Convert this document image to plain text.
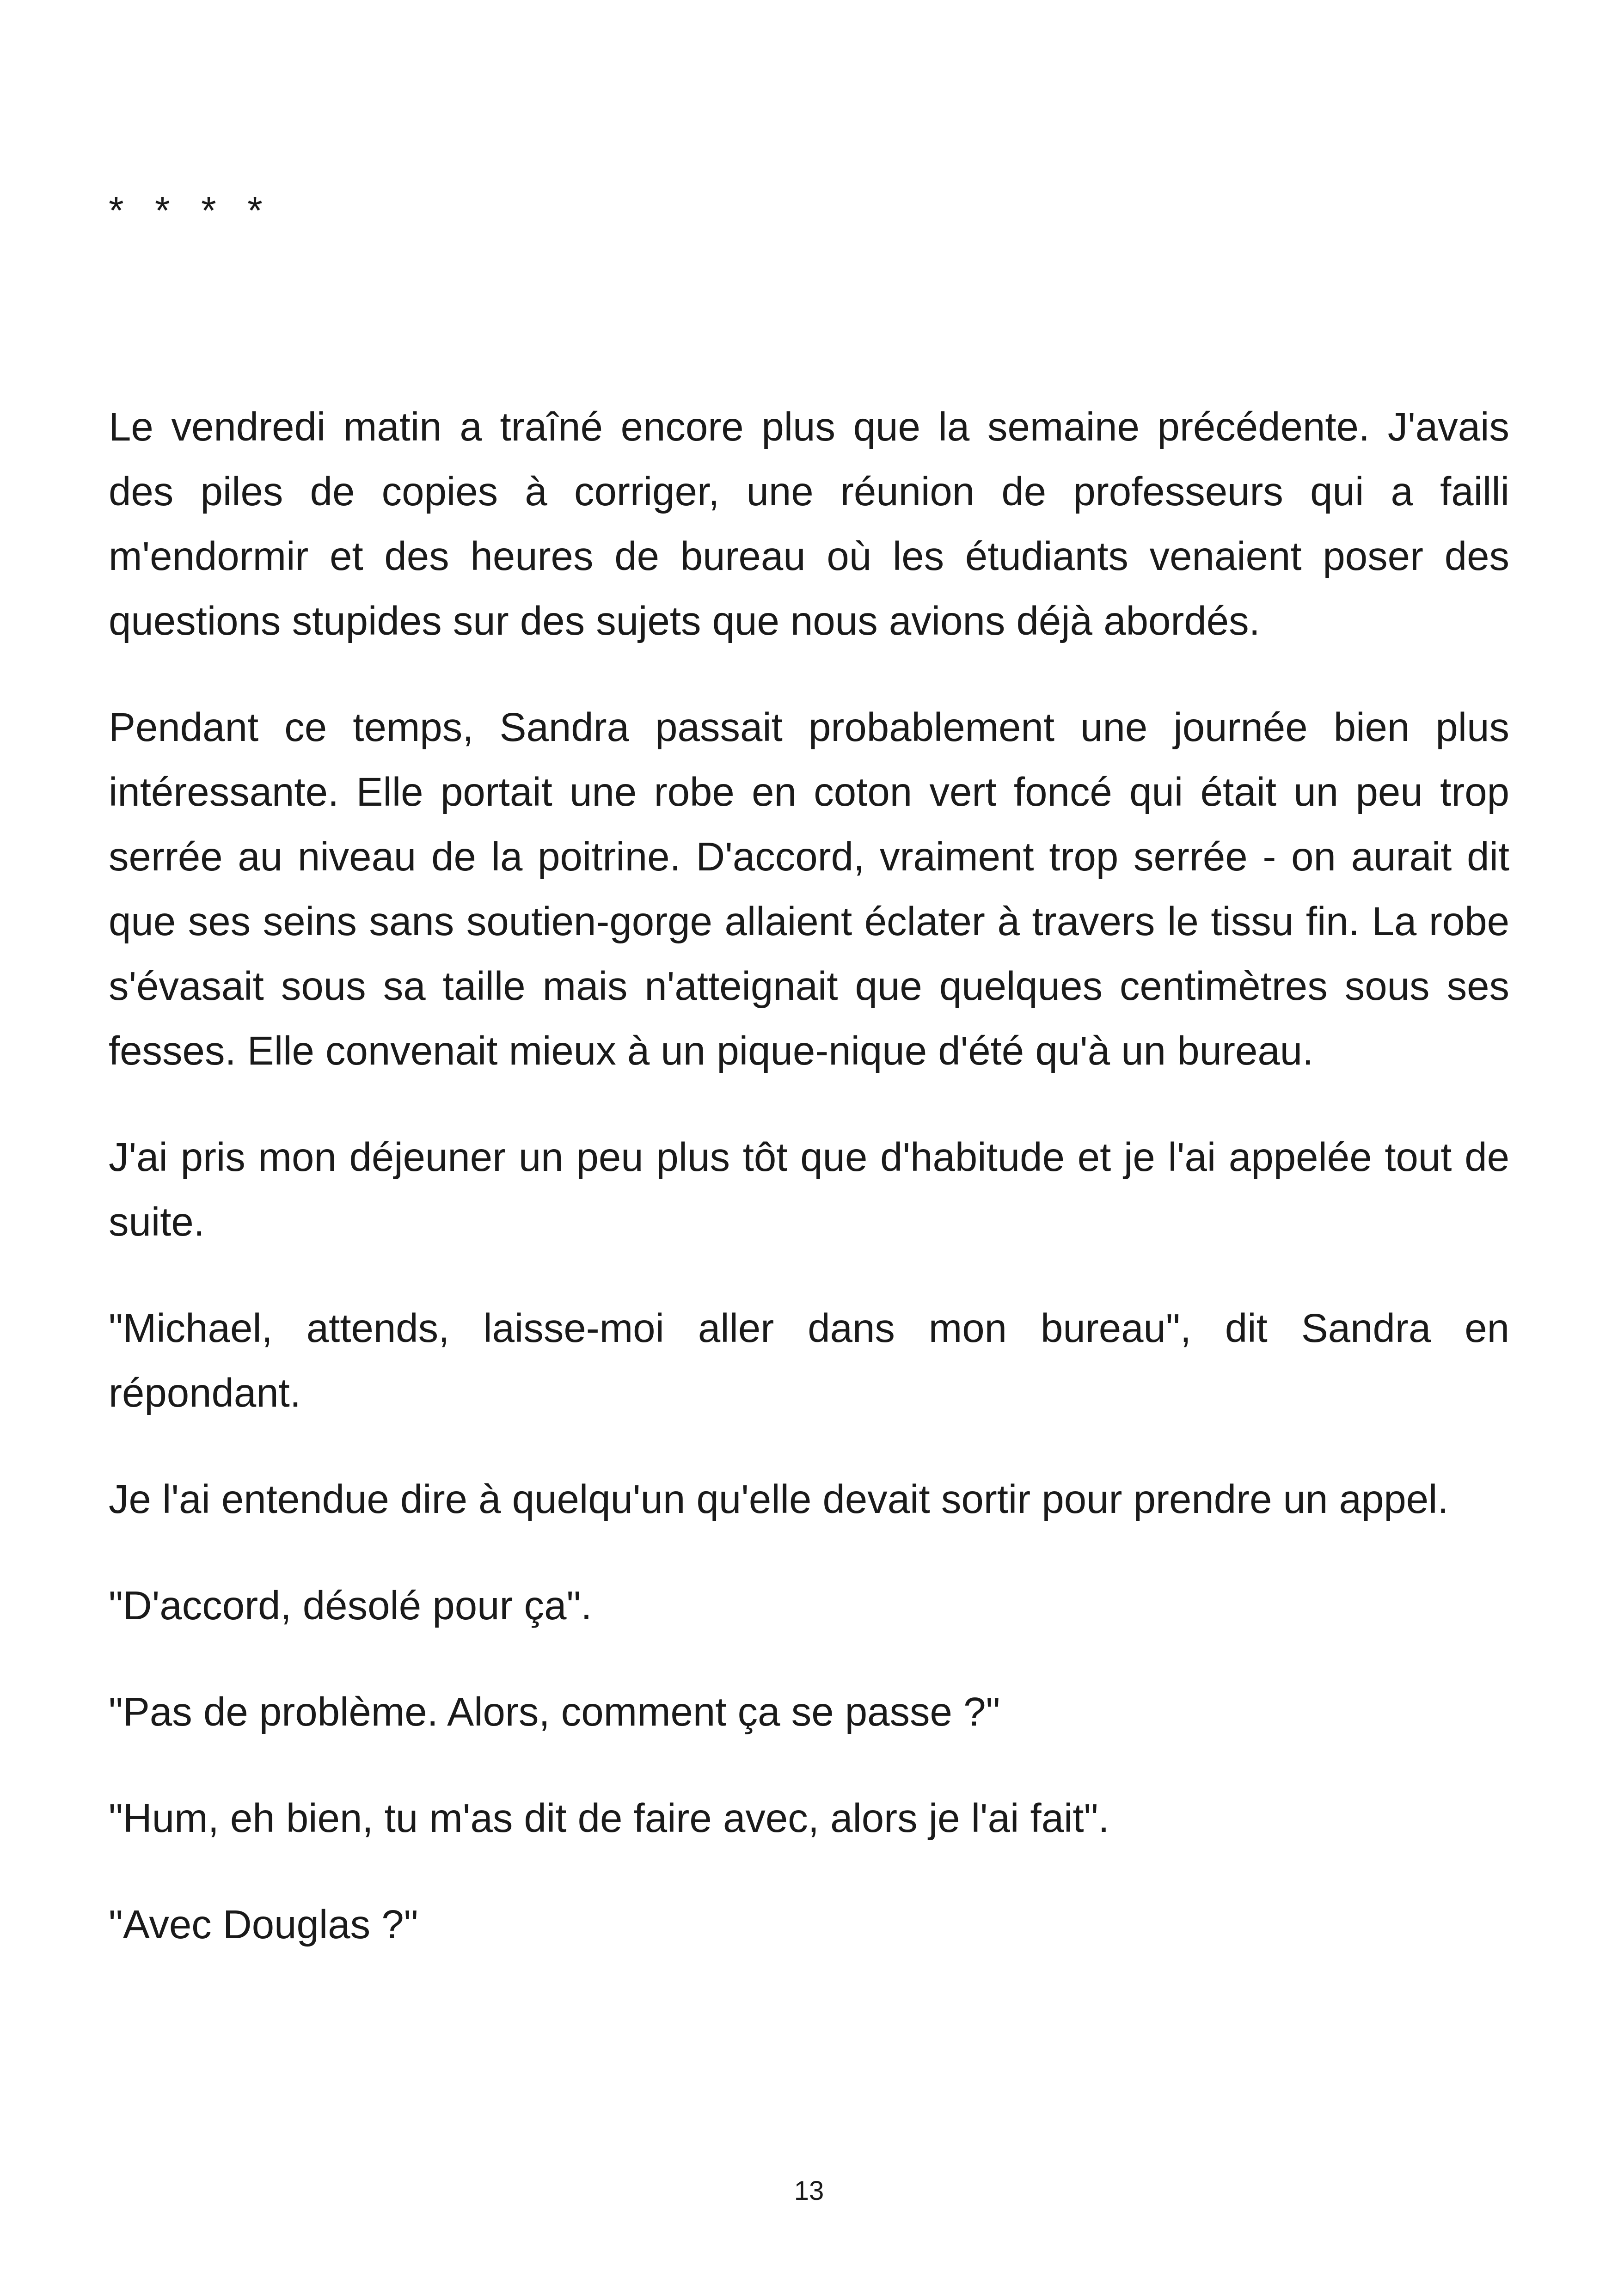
* * * *

Le vendredi matin a traîné encore plus que la semaine précédente. J'avais des piles de copies à corriger, une réunion de professeurs qui a failli m'endormir et des heures de bureau où les étudiants venaient poser des questions stupides sur des sujets que nous avions déjà abordés.

Pendant ce temps, Sandra passait probablement une journée bien plus intéressante. Elle portait une robe en coton vert foncé qui était un peu trop serrée au niveau de la poitrine. D'accord, vraiment trop serrée - on aurait dit que ses seins sans soutien-gorge allaient éclater à travers le tissu fin. La robe s'évasait sous sa taille mais n'atteignait que quelques centimètres sous ses fesses. Elle convenait mieux à un pique-nique d'été qu'à un bureau.

J'ai pris mon déjeuner un peu plus tôt que d'habitude et je l'ai appelée tout de suite.

"Michael, attends, laisse-moi aller dans mon bureau", dit Sandra en répondant.

Je l'ai entendue dire à quelqu'un qu'elle devait sortir pour prendre un appel.

"D'accord, désolé pour ça".

"Pas de problème. Alors, comment ça se passe ?"

"Hum, eh bien, tu m'as dit de faire avec, alors je l'ai fait".

"Avec Douglas ?"

13
